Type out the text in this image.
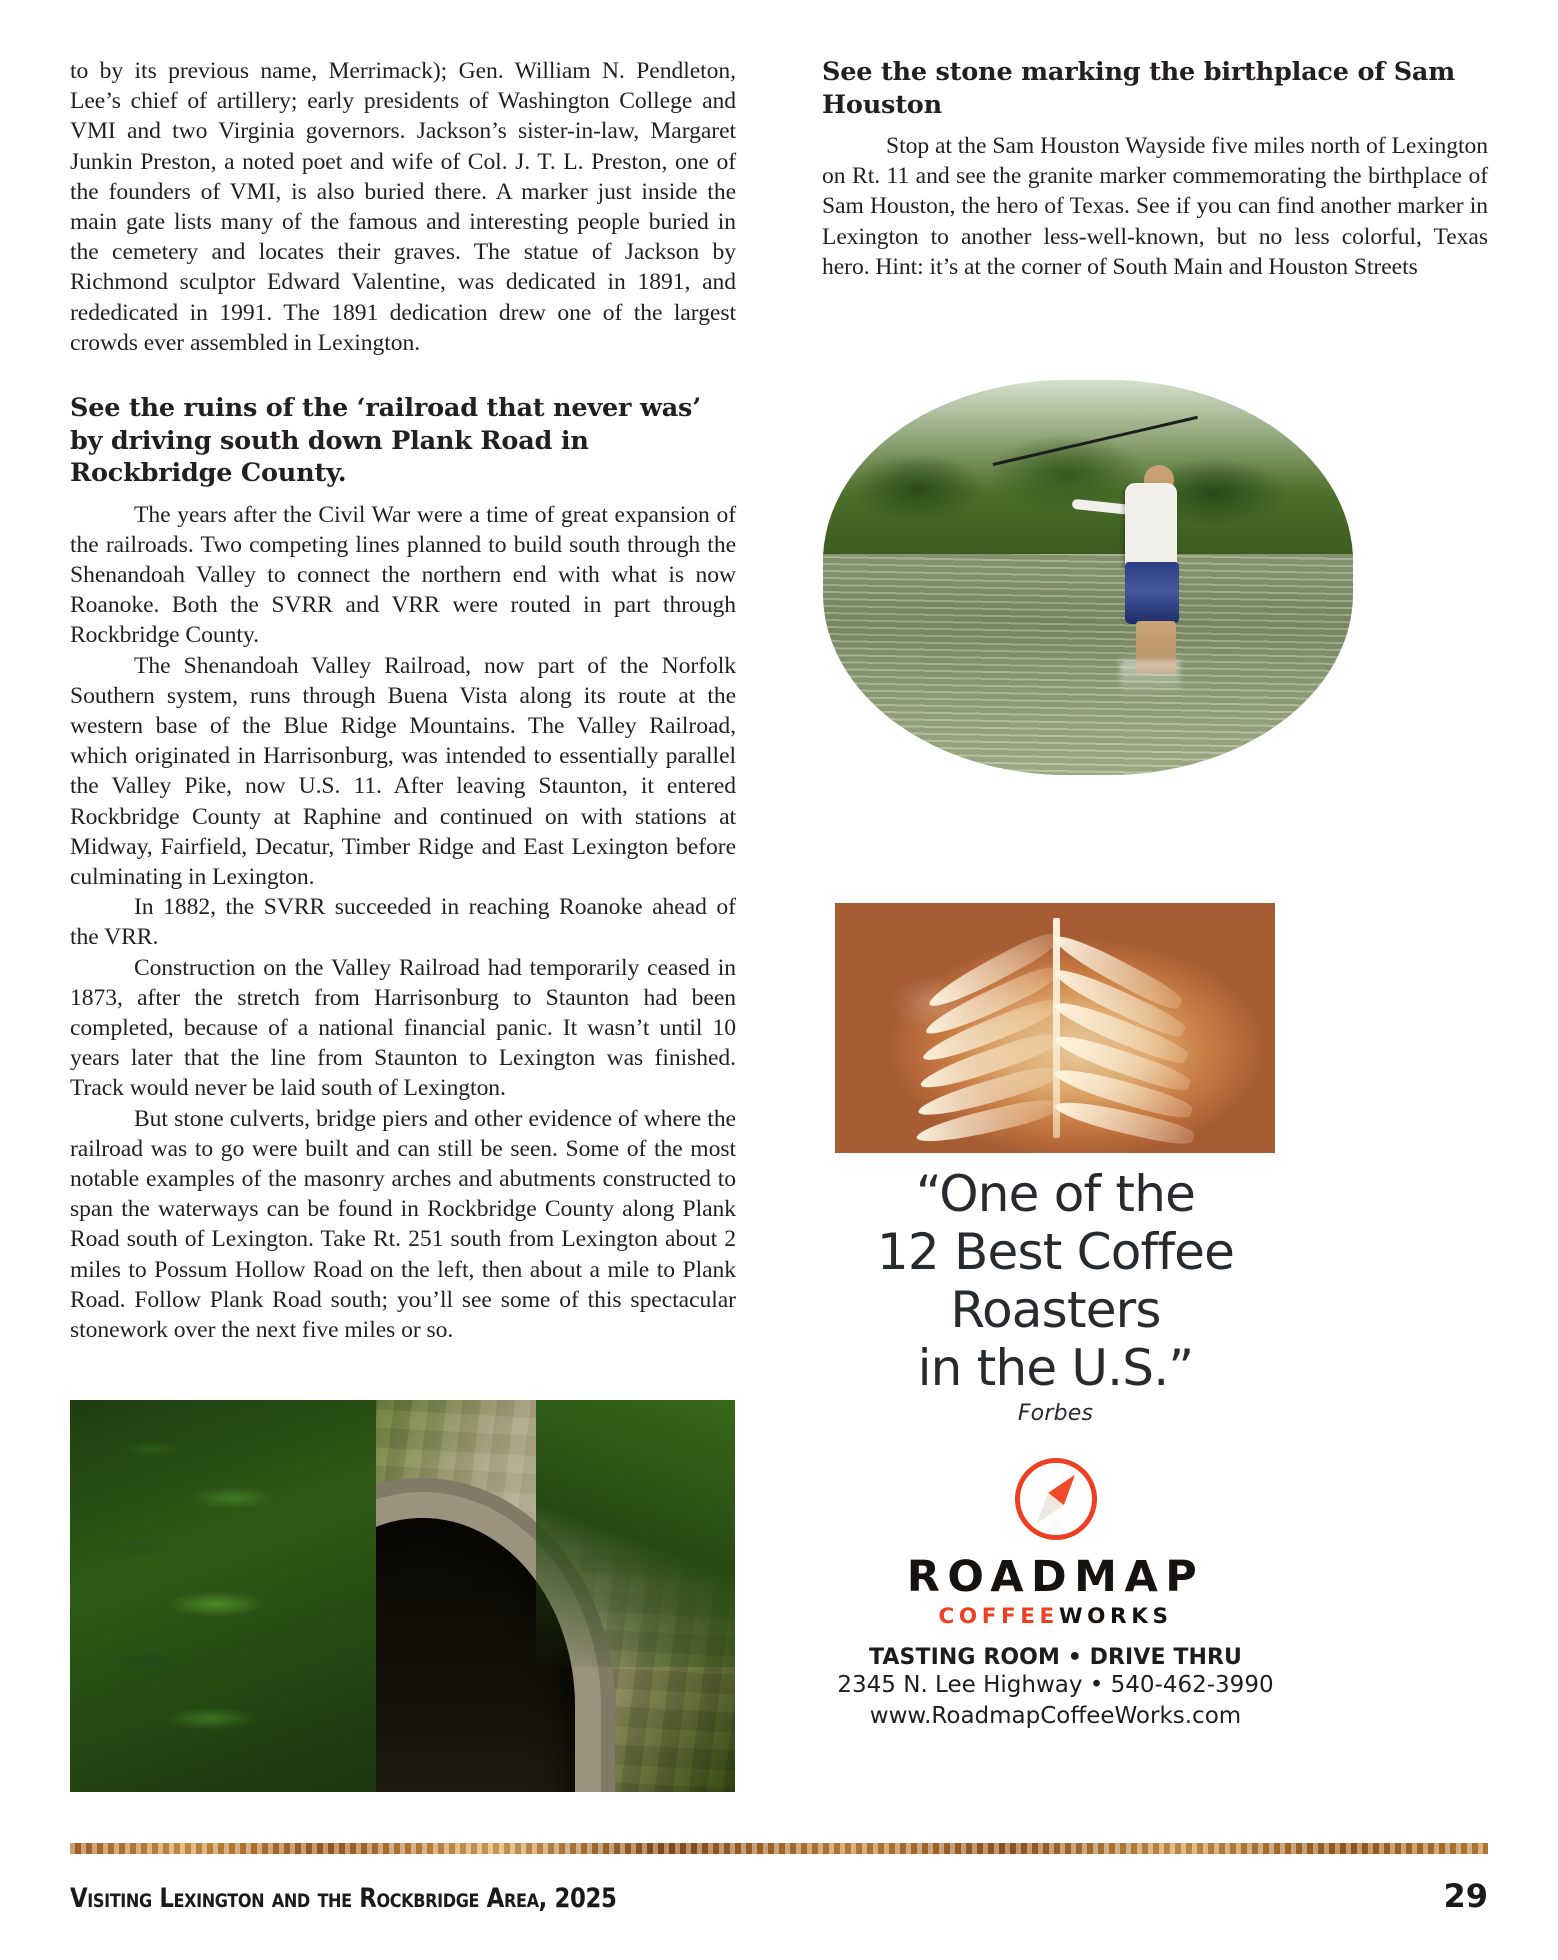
to by its previous name, Merrimack); Gen. William N. Pendleton, Lee’s chief of artillery; early presidents of Washington College and VMI and two Virginia governors. Jackson’s sister-in-law, Margaret Junkin Preston, a noted poet and wife of Col. J. T. L. Preston, one of the founders of VMI, is also buried there. A marker just inside the main gate lists many of the famous and interesting people buried in the cemetery and locates their graves. The statue of Jackson by Richmond sculptor Edward Valentine, was dedicated in 1891, and rededicated in 1991. The 1891 dedication drew one of the largest crowds ever assembled in Lexington.

See the ruins of the ‘railroad that never was’ by driving south down Plank Road in Rockbridge County.

The years after the Civil War were a time of great expansion of the railroads. Two competing lines planned to build south through the Shenandoah Valley to connect the northern end with what is now Roanoke. Both the SVRR and VRR were routed in part through Rockbridge County.

The Shenandoah Valley Railroad, now part of the Norfolk Southern system, runs through Buena Vista along its route at the western base of the Blue Ridge Mountains. The Valley Railroad, which originated in Harrisonburg, was intended to essentially parallel the Valley Pike, now U.S. 11. After leaving Staunton, it entered Rockbridge County at Raphine and continued on with stations at Midway, Fairfield, Decatur, Timber Ridge and East Lexington before culminating in Lexington.

In 1882, the SVRR succeeded in reaching Roanoke ahead of the VRR.

Construction on the Valley Railroad had temporarily ceased in 1873, after the stretch from Harrisonburg to Staunton had been completed, because of a national financial panic. It wasn’t until 10 years later that the line from Staunton to Lexington was finished. Track would never be laid south of Lexington.

But stone culverts, bridge piers and other evidence of where the railroad was to go were built and can still be seen. Some of the most notable examples of the masonry arches and abutments constructed to span the waterways can be found in Rockbridge County along Plank Road south of Lexington. Take Rt. 251 south from Lexington about 2 miles to Possum Hollow Road on the left, then about a mile to Plank Road. Follow Plank Road south; you’ll see some of this spectacular stonework over the next five miles or so.

See the stone marking the birthplace of Sam Houston

Stop at the Sam Houston Wayside five miles north of Lexington on Rt. 11 and see the granite marker commemorating the birthplace of Sam Houston, the hero of Texas. See if you can find another marker in Lexington to another less-well-known, but no less colorful, Texas hero. Hint: it’s at the corner of South Main and Houston Streets

“One of the
12 Best Coffee
Roasters
in the U.S.”
Forbes
ROADMAP
COFFEEWORKS
TASTING ROOM • DRIVE THRU
2345 N. Lee Highway • 540-462-3990
www.RoadmapCoffeeWorks.com
Visiting Lexington and the Rockbridge Area, 2025	29
